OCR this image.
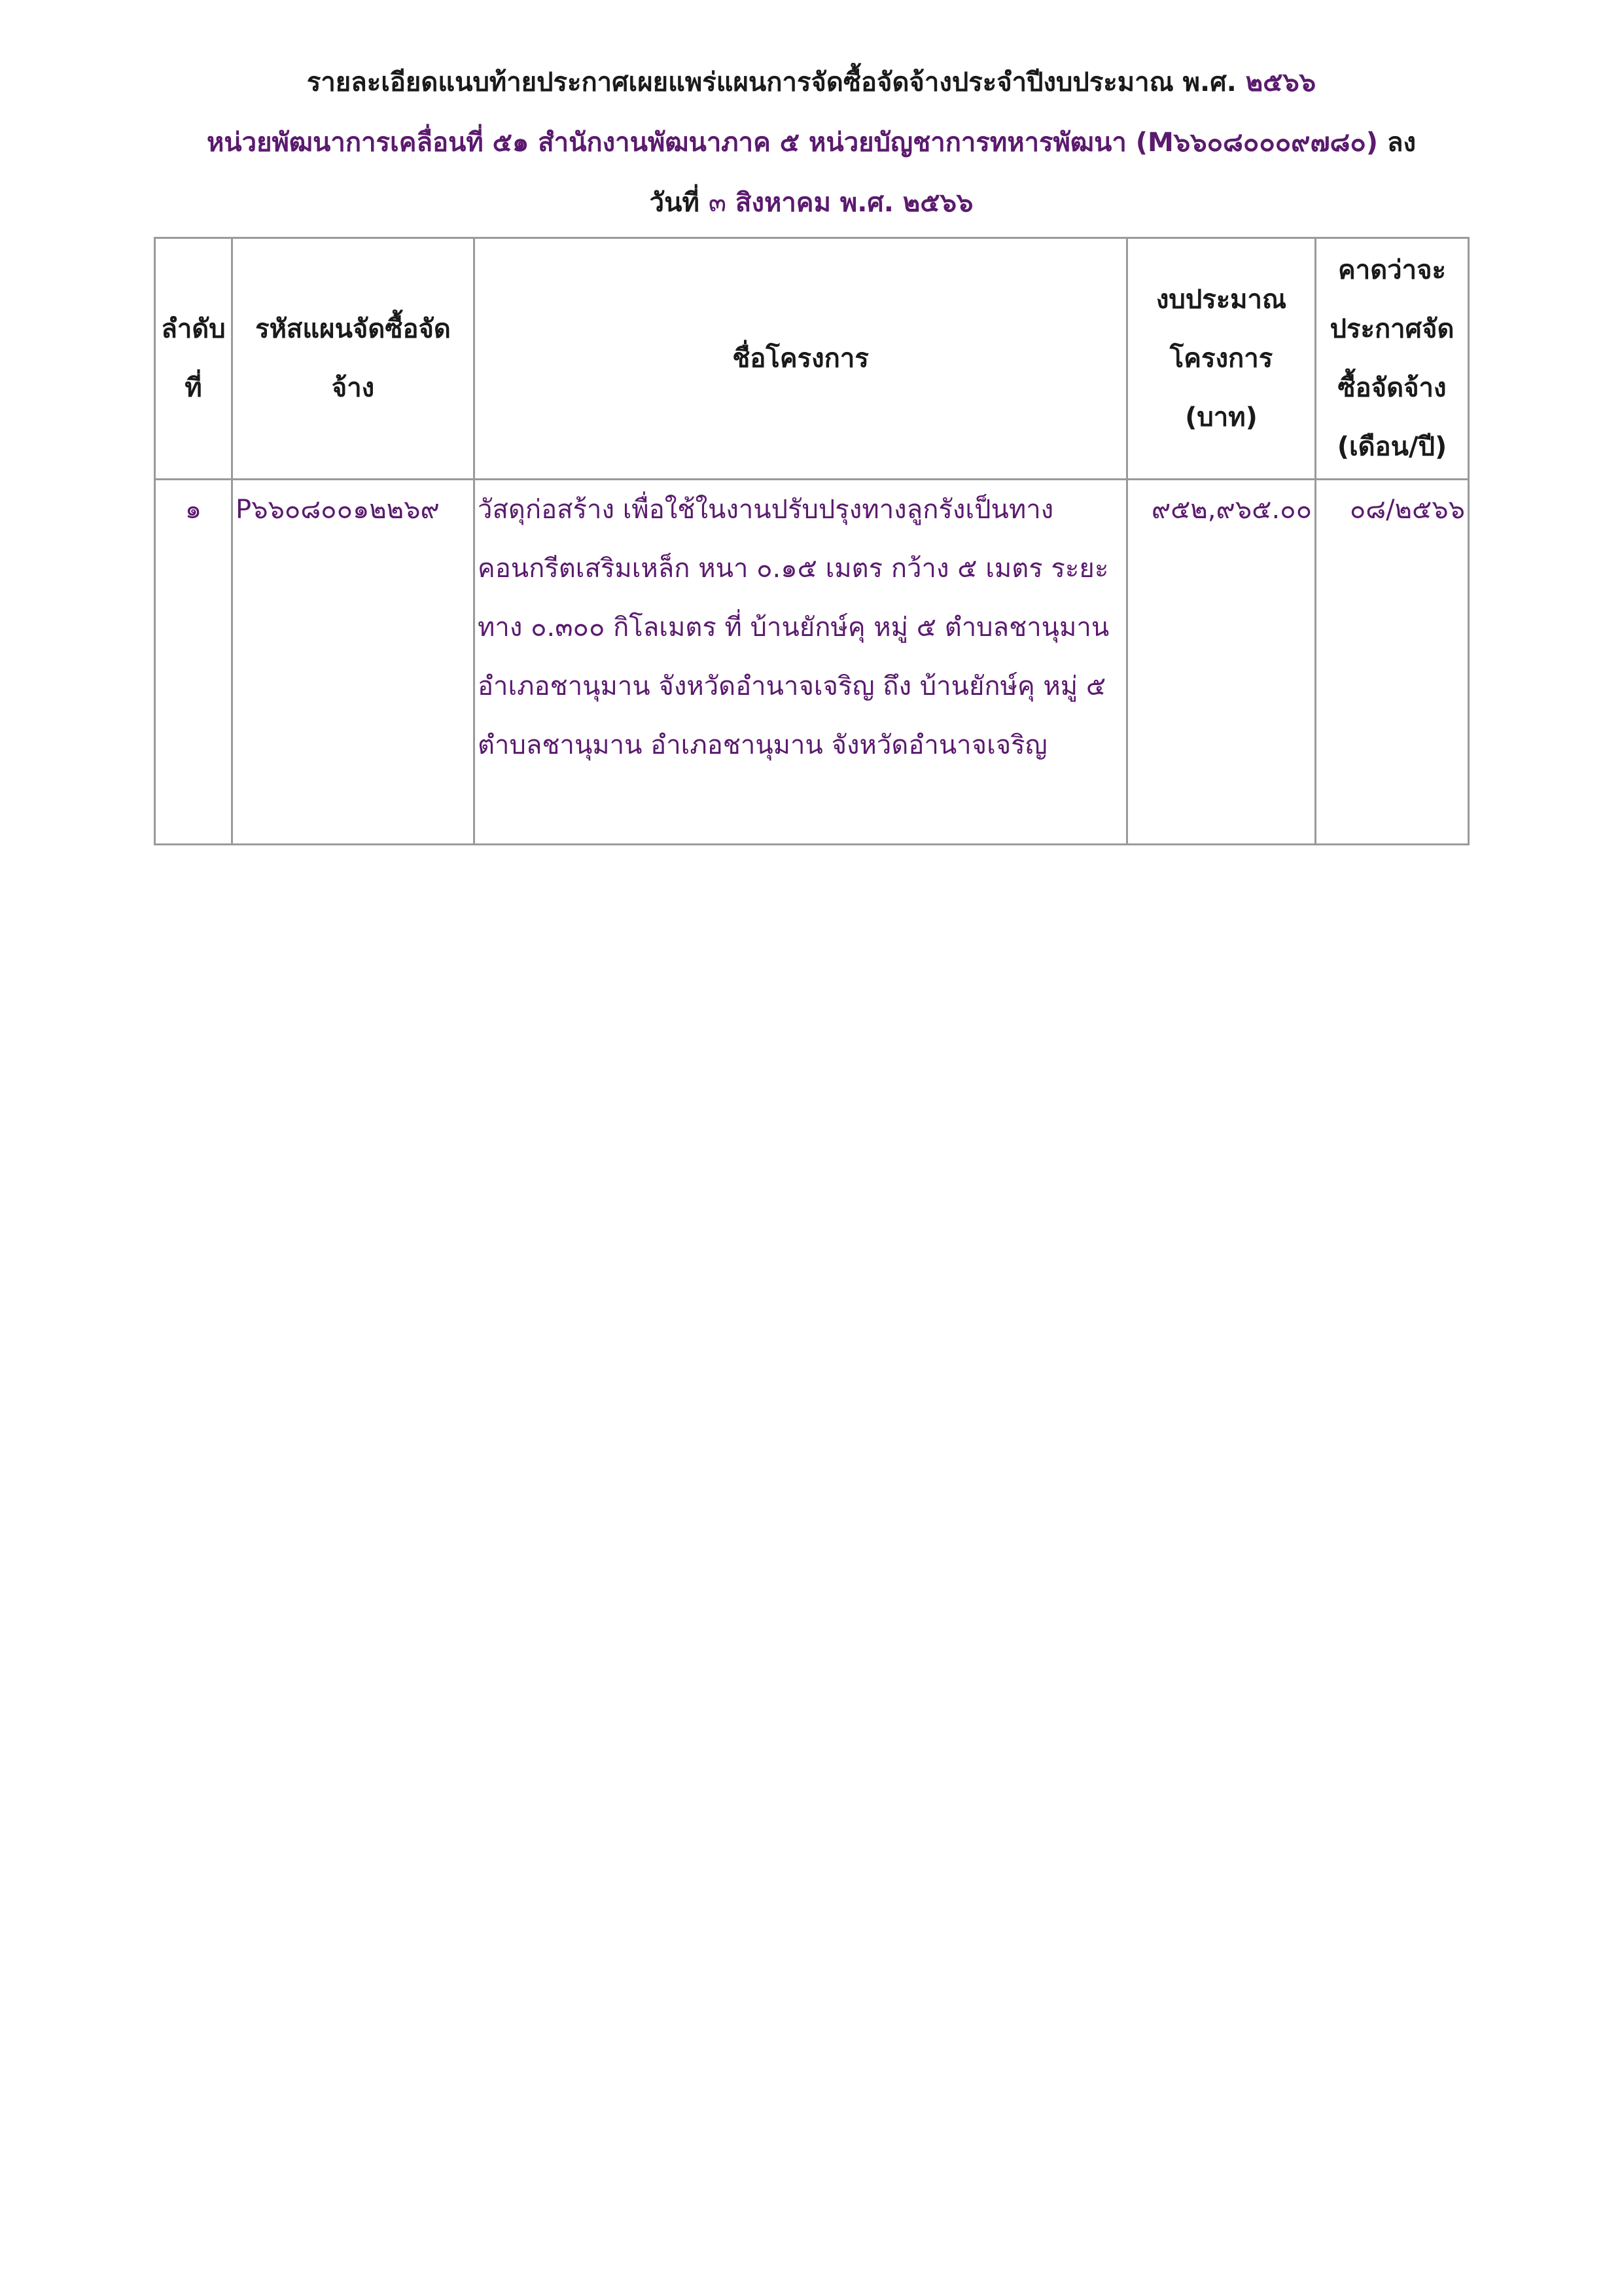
รายละเอียดแนบท้ายประกาศเผยแพร่แผนการจัดซื้อจัดจ้างประจำปีงบประมาณ พ.ศ. ๒๕๖๖
หน่วยพัฒนาการเคลื่อนที่ ๕๑ สำนักงานพัฒนาภาค ๕ หน่วยบัญชาการทหารพัฒนา (M๖๖๐๘๐๐๐๙๗๘๐) ลง
วันที่ ๓ สิงหาคม พ.ศ. ๒๕๖๖
ลำดับที่	รหัสแผนจัดซื้อจัดจ้าง	ชื่อโครงการ	งบประมาณโครงการ (บาท)	คาดว่าจะประกาศจัดซื้อจัดจ้าง (เดือน/ปี)
๑	P๖๖๐๘๐๐๑๒๒๖๙	วัสดุก่อสร้าง เพื่อใช้ในงานปรับปรุงทางลูกรังเป็นทางคอนกรีตเสริมเหล็ก หนา ๐.๑๕ เมตร กว้าง ๕ เมตร ระยะทาง ๐.๓๐๐ กิโลเมตร ที่ บ้านยักษ์คุ หมู่ ๕ ตำบลชานุมาน อำเภอชานุมาน จังหวัดอำนาจเจริญ ถึง บ้านยักษ์คุ หมู่ ๕ ตำบลชานุมาน อำเภอชานุมาน จังหวัดอำนาจเจริญ	๙๕๒,๙๖๕.๐๐	๐๘/๒๕๖๖
